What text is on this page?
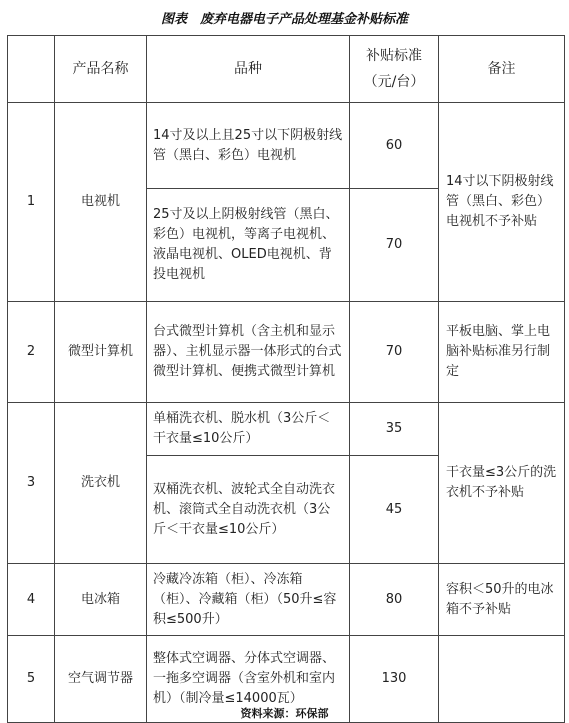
图表　废弃电器电子产品处理基金补贴标准
	产品名称	品种	补贴标准（元/台）	备注
1	电视机	14寸及以上且25寸以下阴极射线管（黑白、彩色）电视机	60	14寸以下阴极射线管（黑白、彩色）电视机不予补贴
		25寸及以上阴极射线管（黑白、彩色）电视机，等离子电视机、液晶电视机、OLED电视机、背投电视机	70	
2	微型计算机	台式微型计算机（含主机和显示器）、主机显示器一体形式的台式微型计算机、便携式微型计算机	70	平板电脑、掌上电脑补贴标准另行制定
3	洗衣机	单桶洗衣机、脱水机（3公斤＜干衣量≤10公斤）	35	干衣量≤3公斤的洗衣机不予补贴
		双桶洗衣机、波轮式全自动洗衣机、滚筒式全自动洗衣机（3公斤＜干衣量≤10公斤）	45	
4	电冰箱	冷藏冷冻箱（柜）、冷冻箱（柜）、冷藏箱（柜）（50升≤容积≤500升）	80	容积＜50升的电冰箱不予补贴
5	空气调节器	整体式空调器、分体式空调器、一拖多空调器（含室外机和室内机）（制冷量≤14000瓦）	130	
资料来源：环保部
